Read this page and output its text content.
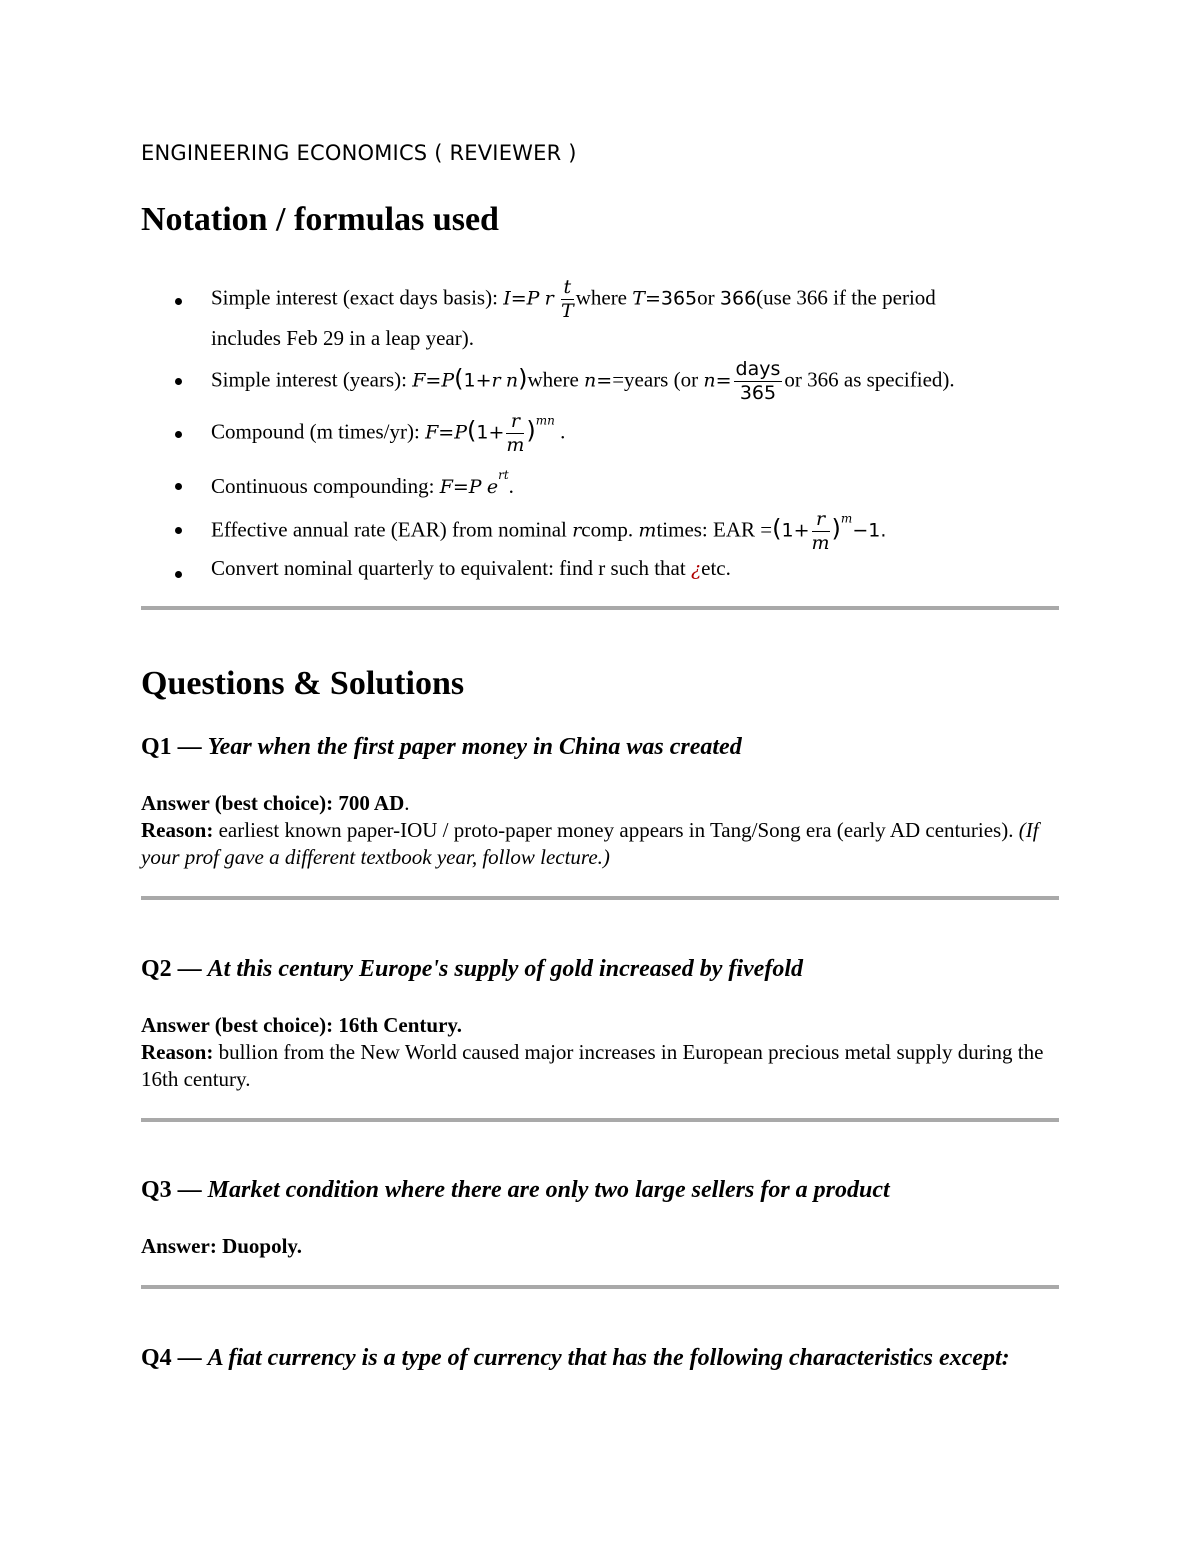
ENGINEERING ECONOMICS ( REVIEWER )
Notation / formulas used
Simple interest (exact days basis): I=P r $\frac{t}{T}$ where T=365or 366(use 366 if the period
includes Feb 29 in a leap year).
Simple interest (years): F=P(1+r n)where n==years (or $n= \frac{\text{days}}{365}$ or 366 as specified).
Compound (m times/yr): $F=P(1+ \frac{r}{m} )^{mn}$ .
Continuous compounding: F=P $e^{rt}$.
Effective annual rate (EAR) from nominal rcomp. mtimes: EAR $=(1+ \frac{r}{m} )^m-1$.
Convert nominal quarterly to equivalent: find r such that ¿etc.
Questions & Solutions
Q1 — Year when the first paper money in China was created
Answer (best choice): 700 AD.
Reason: earliest known paper-IOU / proto-paper money appears in Tang/Song era (early AD centuries). (If your prof gave a different textbook year, follow lecture.)
Q2 — At this century Europe's supply of gold increased by fivefold
Answer (best choice): 16th Century.
Reason: bullion from the New World caused major increases in European precious metal supply during the 16th century.
Q3 — Market condition where there are only two large sellers for a product
Answer: Duopoly.
Q4 — A fiat currency is a type of currency that has the following characteristics except:
